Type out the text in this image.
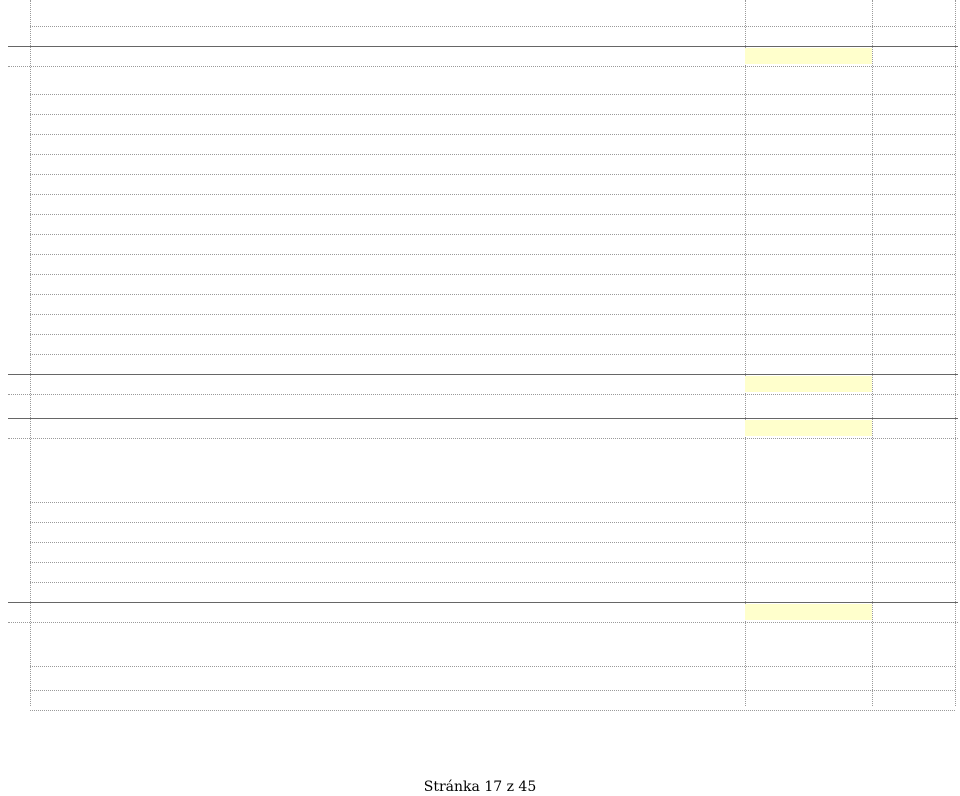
Stránka 17 z 45
